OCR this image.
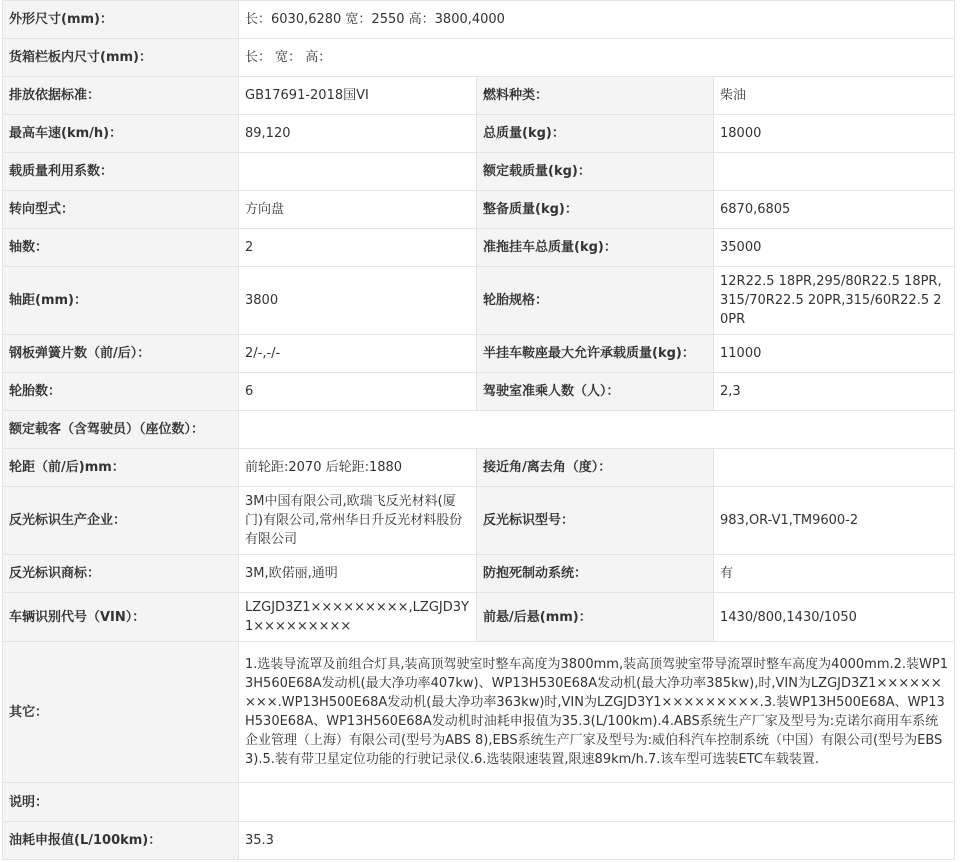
外形尺寸(mm)：	长：6030,6280 宽：2550 高：3800,4000		
货箱栏板内尺寸(mm)：	长： 宽： 高：		
排放依据标准：	GB17691-2018国VI	燃料种类：	柴油
最高车速(km/h)：	89,120	总质量(kg)：	18000
载质量利用系数：		额定载质量(kg)：	
转向型式：	方向盘	整备质量(kg)：	6870,6805
轴数：	2	准拖挂车总质量(kg)：	35000
轴距(mm)：	3800	轮胎规格：	12R22.5 18PR,295/80R22.5 18PR,315/70R22.5 20PR,315/60R22.5 20PR
钢板弹簧片数（前/后）：	2/-,-/-	半挂车鞍座最大允许承载质量(kg)：	11000
轮胎数：	6	驾驶室准乘人数（人）：	2,3
额定载客（含驾驶员）（座位数）：			
轮距（前/后)mm：	前轮距:2070 后轮距:1880	接近角/离去角（度）：	
反光标识生产企业：	3M中国有限公司,欧瑞飞反光材料(厦门)有限公司,常州华日升反光材料股份有限公司	反光标识型号：	983,OR-V1,TM9600-2
反光标识商标：	3M,欧偌丽,通明	防抱死制动系统：	有
车辆识别代号（VIN）：	LZGJD3Z1×××××××××,LZGJD3Y1×××××××××	前悬/后悬(mm)：	1430/800,1430/1050
其它：	1.选装导流罩及前组合灯具,装高顶驾驶室时整车高度为3800mm,装高顶驾驶室带导流罩时整车高度为4000mm.2.装WP13H560E68A发动机(最大净功率407kw)、WP13H530E68A发动机(最大净功率385kw),时,VIN为LZGJD3Z1×××××××××.WP13H500E68A发动机(最大净功率363kw)时,VIN为LZGJD3Y1×××××××××.3.装WP13H500E68A、WP13H530E68A、WP13H560E68A发动机时油耗申报值为35.3(L/100km).4.ABS系统生产厂家及型号为:克诺尔商用车系统企业管理（上海）有限公司(型号为ABS 8),EBS系统生产厂家及型号为:威伯科汽车控制系统（中国）有限公司(型号为EBS3).5.装有带卫星定位功能的行驶记录仪.6.选装限速装置,限速89km/h.7.该车型可选装ETC车载装置.		
说明：			
油耗申报值(L/100km)：	35.3		
